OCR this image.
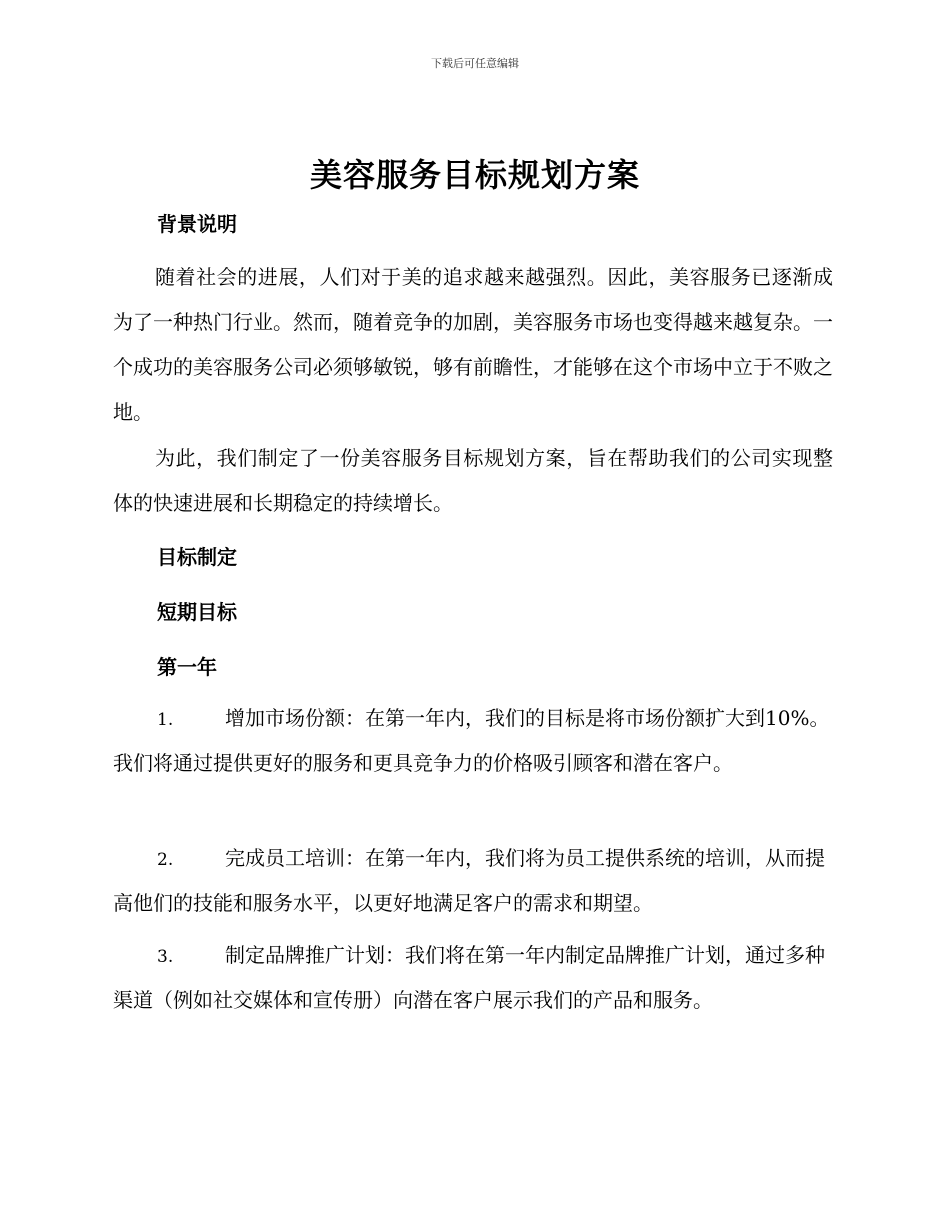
下载后可任意编辑
美容服务目标规划方案
背景说明
随着社会的进展，人们对于美的追求越来越强烈。因此，美容服务已逐渐成为了一种热门行业。然而，随着竞争的加剧，美容服务市场也变得越来越复杂。一个成功的美容服务公司必须够敏锐，够有前瞻性，才能够在这个市场中立于不败之地。
为此，我们制定了一份美容服务目标规划方案，旨在帮助我们的公司实现整体的快速进展和长期稳定的持续增长。
目标制定
短期目标
第一年
1.	增加市场份额：在第一年内，我们的目标是将市场份额扩大到10%。我们将通过提供更好的服务和更具竞争力的价格吸引顾客和潜在客户。
2.	完成员工培训：在第一年内，我们将为员工提供系统的培训，从而提高他们的技能和服务水平，以更好地满足客户的需求和期望。
3.	制定品牌推广计划：我们将在第一年内制定品牌推广计划，通过多种渠道（例如社交媒体和宣传册）向潜在客户展示我们的产品和服务。
